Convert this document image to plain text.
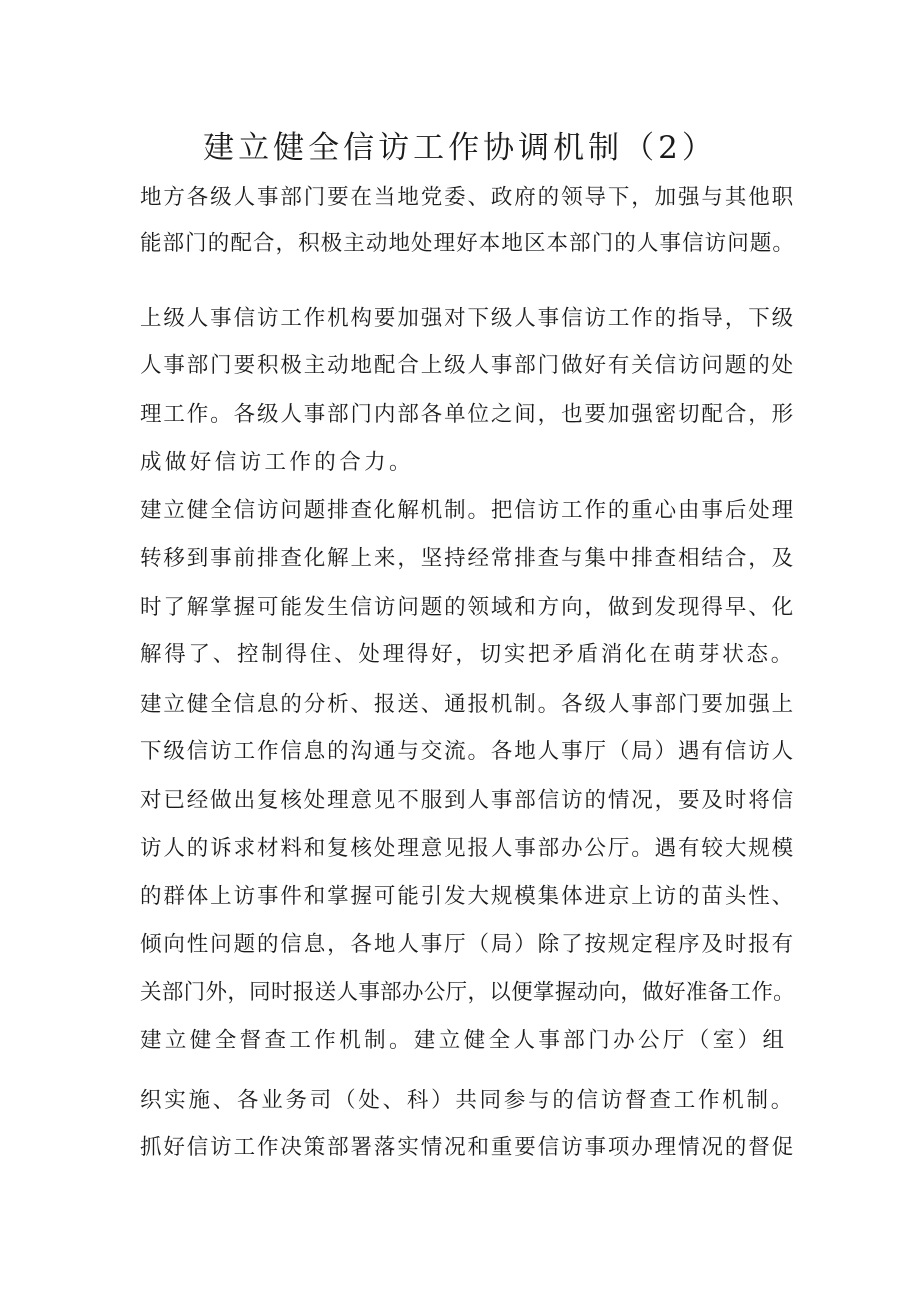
建立健全信访工作协调机制（2）

地方各级人事部门要在当地党委、政府的领导下，加强与其他职

能部门的配合，积极主动地处理好本地区本部门的人事信访问题。

上级人事信访工作机构要加强对下级人事信访工作的指导，下级

人事部门要积极主动地配合上级人事部门做好有关信访问题的处

理工作。各级人事部门内部各单位之间，也要加强密切配合，形

成做好信访工作的合力。

建立健全信访问题排查化解机制。把信访工作的重心由事后处理

转移到事前排查化解上来，坚持经常排查与集中排查相结合，及

时了解掌握可能发生信访问题的领域和方向，做到发现得早、化

解得了、控制得住、处理得好，切实把矛盾消化在萌芽状态。

建立健全信息的分析、报送、通报机制。各级人事部门要加强上

下级信访工作信息的沟通与交流。各地人事厅（局）遇有信访人

对已经做出复核处理意见不服到人事部信访的情况，要及时将信

访人的诉求材料和复核处理意见报人事部办公厅。遇有较大规模

的群体上访事件和掌握可能引发大规模集体进京上访的苗头性、

倾向性问题的信息，各地人事厅（局）除了按规定程序及时报有

关部门外，同时报送人事部办公厅，以便掌握动向，做好准备工作。

建立健全督查工作机制。建立健全人事部门办公厅（室）组

织实施、各业务司（处、科）共同参与的信访督查工作机制。

抓好信访工作决策部署落实情况和重要信访事项办理情况的督促
